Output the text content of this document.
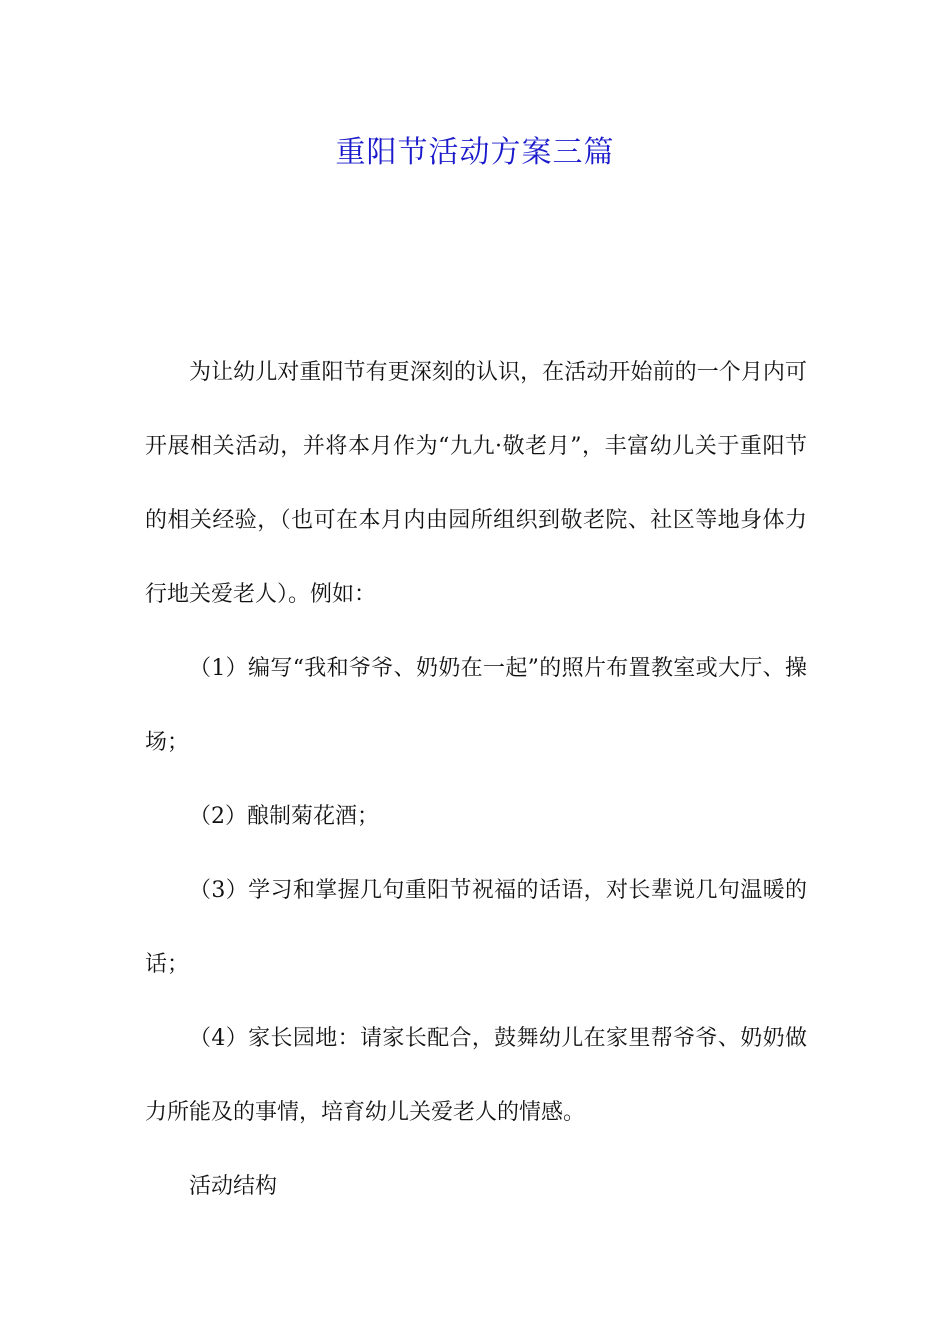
重阳节活动方案三篇

为让幼儿对重阳节有更深刻的认识，在活动开始前的一个月内可开展相关活动，并将本月作为“九九·敬老月”，丰富幼儿关于重阳节的相关经验，（也可在本月内由园所组织到敬老院、社区等地身体力行地关爱老人）。例如：

（1）编写“我和爷爷、奶奶在一起”的照片布置教室或大厅、操场；

（2）酿制菊花酒；

（3）学习和掌握几句重阳节祝福的话语，对长辈说几句温暖的话；

（4）家长园地：请家长配合，鼓舞幼儿在家里帮爷爷、奶奶做力所能及的事情，培育幼儿关爱老人的情感。

活动结构
